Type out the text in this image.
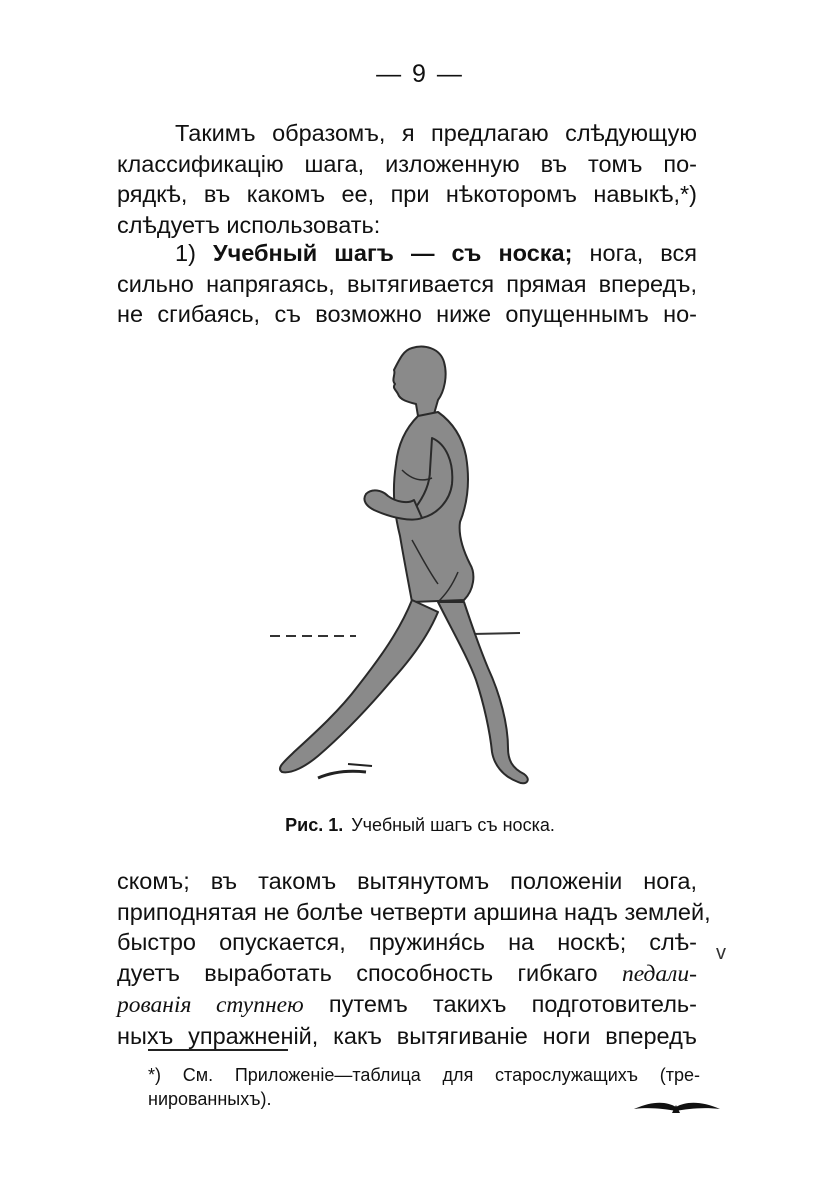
— 9 —
Такимъ образомъ, я предлагаю слѣдующую
классификацію шага, изложенную въ томъ по-
рядкѣ, въ какомъ ее, при нѣкоторомъ навыкѣ,*)
слѣдуетъ использовать:
1) Учебный шагъ — съ носка; нога, вся
сильно напрягаясь, вытягивается прямая впередъ,
не сгибаясь, съ возможно ниже опущеннымъ но-
Рис. 1. Учебный шагъ съ носка.
скомъ; въ такомъ вытянутомъ положеніи нога,
приподнятая не болѣе четверти аршина надъ землей,
быстро опускается, пружиня́сь на носкѣ; слѣ-
дуетъ выработать способность гибкаго педали-
рованія ступнею путемъ такихъ подготовитель-
ныхъ упражненій, какъ вытягиваніе ноги впередъ
v
*) См. Приложеніе—таблица для старослужащихъ (тре-
нированныхъ).
